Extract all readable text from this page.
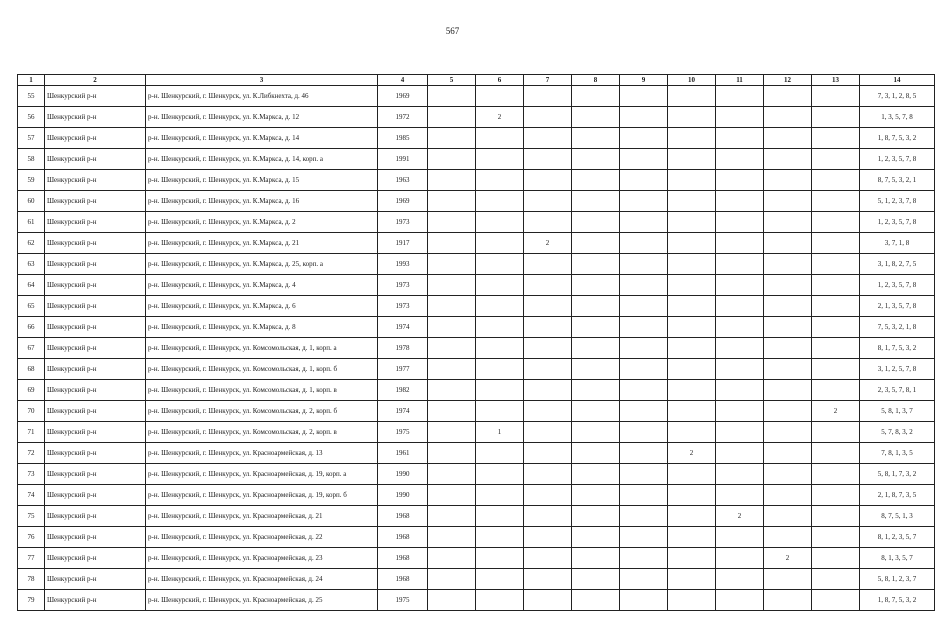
567
1	2	3	4	5	6	7	8	9	10	11	12	13	14
55	Шенкурский р-н	р-н. Шенкурский, г. Шенкурск, ул. К.Либкнехта, д. 46	1969										7, 3, 1, 2, 8, 5
56	Шенкурский р-н	р-н. Шенкурский, г. Шенкурск, ул. К.Маркса, д. 12	1972		2								1, 3, 5, 7, 8
57	Шенкурский р-н	р-н. Шенкурский, г. Шенкурск, ул. К.Маркса, д. 14	1985										1, 8, 7, 5, 3, 2
58	Шенкурский р-н	р-н. Шенкурский, г. Шенкурск, ул. К.Маркса, д. 14, корп. а	1991										1, 2, 3, 5, 7, 8
59	Шенкурский р-н	р-н. Шенкурский, г. Шенкурск, ул. К.Маркса, д. 15	1963										8, 7, 5, 3, 2, 1
60	Шенкурский р-н	р-н. Шенкурский, г. Шенкурск, ул. К.Маркса, д. 16	1969										5, 1, 2, 3, 7, 8
61	Шенкурский р-н	р-н. Шенкурский, г. Шенкурск, ул. К.Маркса, д. 2	1973										1, 2, 3, 5, 7, 8
62	Шенкурский р-н	р-н. Шенкурский, г. Шенкурск, ул. К.Маркса, д. 21	1917			2							3, 7, 1, 8
63	Шенкурский р-н	р-н. Шенкурский, г. Шенкурск, ул. К.Маркса, д. 25, корп. а	1993										3, 1, 8, 2, 7, 5
64	Шенкурский р-н	р-н. Шенкурский, г. Шенкурск, ул. К.Маркса, д. 4	1973										1, 2, 3, 5, 7, 8
65	Шенкурский р-н	р-н. Шенкурский, г. Шенкурск, ул. К.Маркса, д. 6	1973										2, 1, 3, 5, 7, 8
66	Шенкурский р-н	р-н. Шенкурский, г. Шенкурск, ул. К.Маркса, д. 8	1974										7, 5, 3, 2, 1, 8
67	Шенкурский р-н	р-н. Шенкурский, г. Шенкурск, ул. Комсомольская, д. 1, корп. а	1978										8, 1, 7, 5, 3, 2
68	Шенкурский р-н	р-н. Шенкурский, г. Шенкурск, ул. Комсомольская, д. 1, корп. б	1977										3, 1, 2, 5, 7, 8
69	Шенкурский р-н	р-н. Шенкурский, г. Шенкурск, ул. Комсомольская, д. 1, корп. в	1982										2, 3, 5, 7, 8, 1
70	Шенкурский р-н	р-н. Шенкурский, г. Шенкурск, ул. Комсомольская, д. 2, корп. б	1974									2	5, 8, 1, 3, 7
71	Шенкурский р-н	р-н. Шенкурский, г. Шенкурск, ул. Комсомольская, д. 2, корп. в	1975		1								5, 7, 8, 3, 2
72	Шенкурский р-н	р-н. Шенкурский, г. Шенкурск, ул. Красноармейская, д. 13	1961						2				7, 8, 1, 3, 5
73	Шенкурский р-н	р-н. Шенкурский, г. Шенкурск, ул. Красноармейская, д. 19, корп. а	1990										5, 8, 1, 7, 3, 2
74	Шенкурский р-н	р-н. Шенкурский, г. Шенкурск, ул. Красноармейская, д. 19, корп. б	1990										2, 1, 8, 7, 3, 5
75	Шенкурский р-н	р-н. Шенкурский, г. Шенкурск, ул. Красноармейская, д. 21	1968							2			8, 7, 5, 1, 3
76	Шенкурский р-н	р-н. Шенкурский, г. Шенкурск, ул. Красноармейская, д. 22	1968										8, 1, 2, 3, 5, 7
77	Шенкурский р-н	р-н. Шенкурский, г. Шенкурск, ул. Красноармейская, д. 23	1968								2		8, 1, 3, 5, 7
78	Шенкурский р-н	р-н. Шенкурский, г. Шенкурск, ул. Красноармейская, д. 24	1968										5, 8, 1, 2, 3, 7
79	Шенкурский р-н	р-н. Шенкурский, г. Шенкурск, ул. Красноармейская, д. 25	1975										1, 8, 7, 5, 3, 2
